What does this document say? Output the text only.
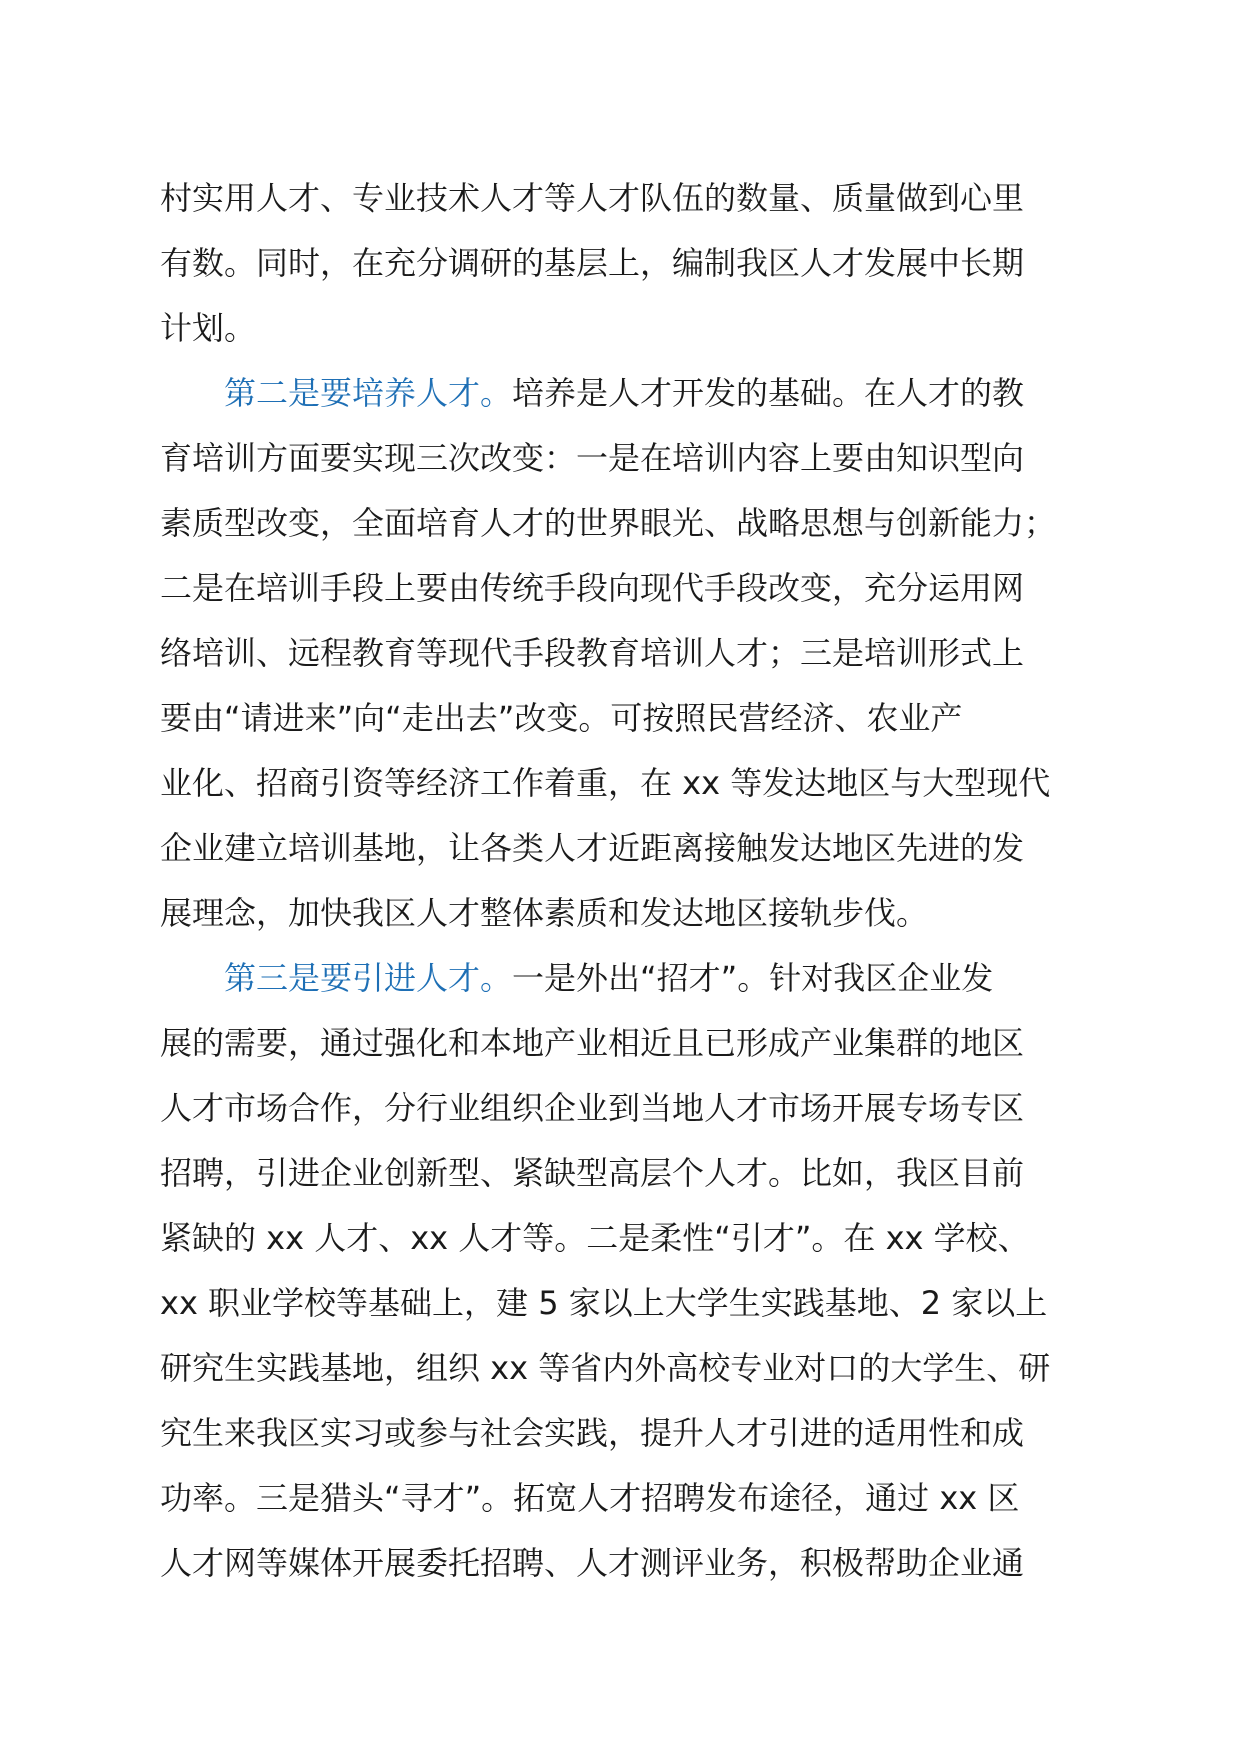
村实用人才、专业技术人才等人才队伍的数量、质量做到心里
有数。同时，在充分调研的基层上，编制我区人才发展中长期
计划。
　　第二是要培养人才。培养是人才开发的基础。在人才的教
育培训方面要实现三次改变：一是在培训内容上要由知识型向
素质型改变，全面培育人才的世界眼光、战略思想与创新能力；
二是在培训手段上要由传统手段向现代手段改变，充分运用网
络培训、远程教育等现代手段教育培训人才；三是培训形式上
要由“请进来”向“走出去”改变。可按照民营经济、农业产
业化、招商引资等经济工作着重，在 xx 等发达地区与大型现代
企业建立培训基地，让各类人才近距离接触发达地区先进的发
展理念，加快我区人才整体素质和发达地区接轨步伐。
　　第三是要引进人才。一是外出“招才”。针对我区企业发
展的需要，通过强化和本地产业相近且已形成产业集群的地区
人才市场合作，分行业组织企业到当地人才市场开展专场专区
招聘，引进企业创新型、紧缺型高层个人才。比如，我区目前
紧缺的 xx 人才、xx 人才等。二是柔性“引才”。在 xx 学校、
xx 职业学校等基础上，建 5 家以上大学生实践基地、2 家以上
研究生实践基地，组织 xx 等省内外高校专业对口的大学生、研
究生来我区实习或参与社会实践，提升人才引进的适用性和成
功率。三是猎头“寻才”。拓宽人才招聘发布途径，通过 xx 区
人才网等媒体开展委托招聘、人才测评业务，积极帮助企业通
